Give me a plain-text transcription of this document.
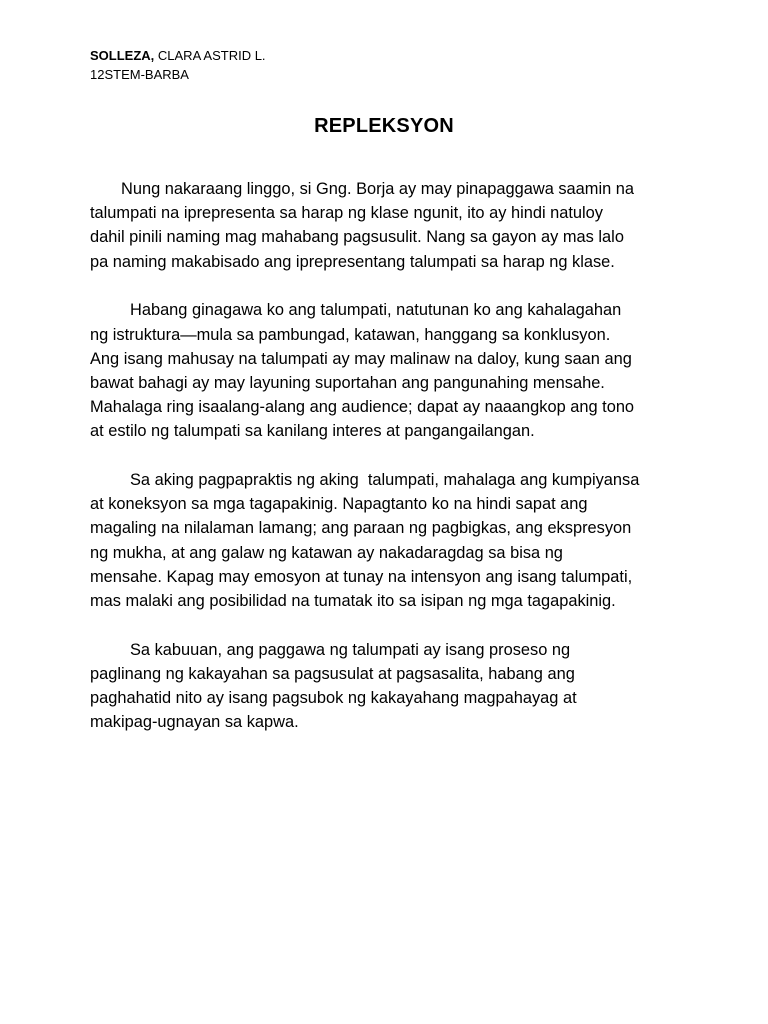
SOLLEZA, CLARA ASTRID L.
12STEM-BARBA
REPLEKSYON

Nung nakaraang linggo, si Gng. Borja ay may pinapaggawa saamin na
talumpati na iprepresenta sa harap ng klase ngunit, ito ay hindi natuloy
dahil pinili naming mag mahabang pagsusulit. Nang sa gayon ay mas lalo
pa naming makabisado ang iprepresentang talumpati sa harap ng klase.

Habang ginagawa ko ang talumpati, natutunan ko ang kahalagahan
ng istruktura—mula sa pambungad, katawan, hanggang sa konklusyon.
Ang isang mahusay na talumpati ay may malinaw na daloy, kung saan ang
bawat bahagi ay may layuning suportahan ang pangunahing mensahe.
Mahalaga ring isaalang-alang ang audience; dapat ay naaangkop ang tono
at estilo ng talumpati sa kanilang interes at pangangailangan.

Sa aking pagpapraktis ng aking  talumpati, mahalaga ang kumpiyansa
at koneksyon sa mga tagapakinig. Napagtanto ko na hindi sapat ang
magaling na nilalaman lamang; ang paraan ng pagbigkas, ang ekspresyon
ng mukha, at ang galaw ng katawan ay nakadaragdag sa bisa ng
mensahe. Kapag may emosyon at tunay na intensyon ang isang talumpati,
mas malaki ang posibilidad na tumatak ito sa isipan ng mga tagapakinig.

Sa kabuuan, ang paggawa ng talumpati ay isang proseso ng
paglinang ng kakayahan sa pagsusulat at pagsasalita, habang ang
paghahatid nito ay isang pagsubok ng kakayahang magpahayag at
makipag-ugnayan sa kapwa.
